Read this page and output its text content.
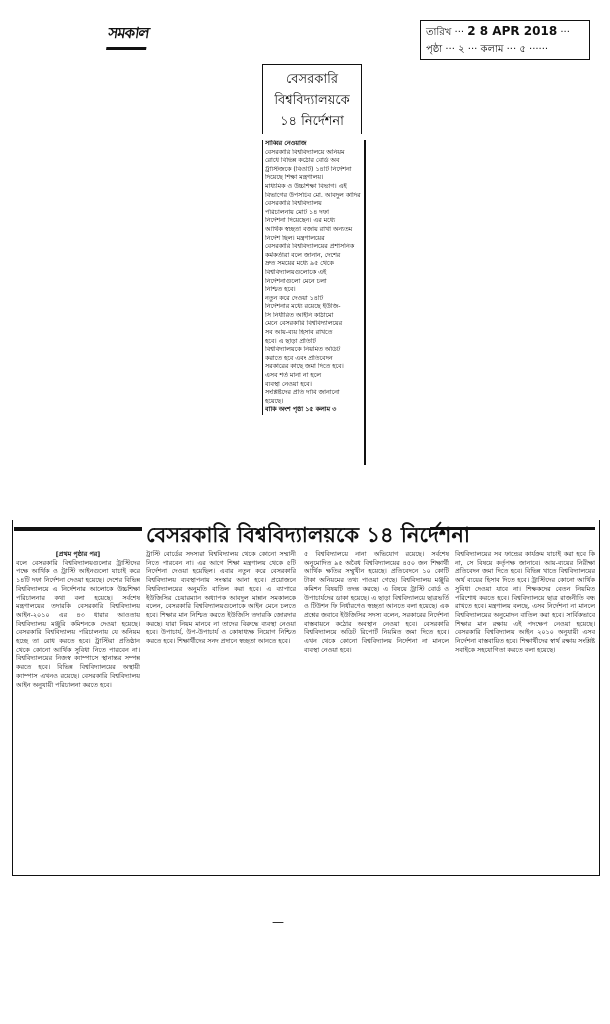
সমকাল	তারিখ ··· 2 8 APR 2018 ···
পৃষ্ঠা ··· ২ ··· কলাম ··· ৫ ······
বেসরকারি
বিশ্ববিদ্যালয়কে
১৪ নির্দেশনা
সাব্বির নেওয়াজ
বেসরকারি বিশ্ববিদ্যালয়ে অনিয়ম
রোধে বিভিন্ন কঠোর বোর্ড অব
ট্রাস্টিজকে (বিওটি) ১৪টি নির্দেশনা
দিয়েছে শিক্ষা মন্ত্রণালয়।
মাধ্যমিক ও উচ্চশিক্ষা বিভাগ। এই
বিভাগের উপসচিব মো. আবদুল কাদির
বেসরকারি বিশ্ববিদ্যালয়
পরিচালনায় মোট ১৪ দফা
নির্দেশনা দিয়েছেন। এর মধ্যে
আর্থিক স্বচ্ছতা বজায় রাখা অন্যতম
নির্দেশ ছিল। মন্ত্রণালয়ের
বেসরকারি বিশ্ববিদ্যালয়ের প্রশাসনিক
কর্মকর্তারা বলে জানান, দেশের
দ্রুত সময়ের মধ্যে ৯৫ থেকে
বিশ্ববিদ্যালয়গুলোকে এই
নির্দেশনাগুলো মেনে চলা
নিশ্চিত হবে।
নতুন করে দেওয়া ১৪টি
নির্দেশনার মধ্যে রয়েছে ইউজি-
সি নির্ধারিত আইনি কাঠামো
মেনে বেসরকারি বিশ্ববিদ্যালয়ের
সব আয়-ব্যয় হিসাব রাখতে
হবে। এ ছাড়া প্রতিটি
বিশ্ববিদ্যালয়কে নিয়মিত অডিট
করাতে হবে এবং প্রতিবেদন
সরকারের কাছে জমা দিতে হবে।
এসব শর্ত মানা না হলে
ব্যবস্থা নেওয়া হবে।
সংশ্লিষ্টদের প্রতি দাবি জানানো
হয়েছে।
বাকি অংশ পৃষ্ঠা ১৫ কলাম ৩
বেসরকারি বিশ্ববিদ্যালয়কে ১৪ নির্দেশনা
[প্রথম পৃষ্ঠার পর]
বলে বেসরকারি বিশ্ববিদ্যালয়গুলোর ট্রাস্টিদের পক্ষে আর্থিক ও ট্রাস্টি আইনগুলো যাচাই করে ১৪টি দফা নির্দেশনা দেওয়া হয়েছে। দেশের বিভিন্ন বিশ্ববিদ্যালয়ে এ নির্দেশনার আলোকে উচ্চশিক্ষা পরিচালনার কথা বলা হয়েছে। সর্বশেষ মন্ত্রণালয়ের তদারকি বেসরকারি বিশ্ববিদ্যালয় আইন-২০১০ এর ৪৩ ধারার আওতায় বিশ্ববিদ্যালয় মঞ্জুরি কমিশনকে দেওয়া হয়েছে। বেসরকারি বিশ্ববিদ্যালয় পরিচালনায় যে অনিয়ম হচ্ছে তা রোধ করতে হবে। ট্রাস্টিরা প্রতিষ্ঠান থেকে কোনো আর্থিক সুবিধা নিতে পারবেন না। বিশ্ববিদ্যালয়ের নিজস্ব ক্যাম্পাসে স্থানান্তর সম্পন্ন করতে হবে। বিভিন্ন বিশ্ববিদ্যালয়ের অস্থায়ী ক্যাম্পাস এখনও রয়েছে। বেসরকারি বিশ্ববিদ্যালয় আইন অনুযায়ী পরিচালনা করতে হবে।
ট্রাস্টি বোর্ডের সদস্যরা বিশ্ববিদ্যালয় থেকে কোনো সম্মানী নিতে পারবেন না। এর আগে শিক্ষা মন্ত্রণালয় থেকে ৫টি নির্দেশনা দেওয়া হয়েছিল। এবার নতুন করে বেসরকারি বিশ্ববিদ্যালয় ব্যবস্থাপনায় সংস্কার আনা হবে। প্রয়োজনে বিশ্ববিদ্যালয়ের অনুমতি বাতিল করা হবে। এ ব্যাপারে ইউজিসির চেয়ারম্যান অধ্যাপক আবদুল মান্নান সমকালকে বলেন, বেসরকারি বিশ্ববিদ্যালয়গুলোকে আইন মেনে চলতে হবে। শিক্ষার মান নিশ্চিত করতে ইউজিসি তদারকি জোরদার করছে। যারা নিয়ম মানবে না তাদের বিরুদ্ধে ব্যবস্থা নেওয়া হবে। উপাচার্য, উপ-উপাচার্য ও কোষাধ্যক্ষ নিয়োগ নিশ্চিত করতে হবে। শিক্ষার্থীদের সনদ প্রদানে স্বচ্ছতা আনতে হবে।
৫ বিশ্ববিদ্যালয়ে নানা অভিযোগ রয়েছে। সর্বশেষ অনুমোদিত ৯৫ অবৈধ বিশ্ববিদ্যালয়ের ৪৫০ জন শিক্ষার্থী আর্থিক ক্ষতির সম্মুখীন হয়েছে। প্রতিবেদনে ১০ কোটি টাকা অনিয়মের তথ্য পাওয়া গেছে। বিশ্ববিদ্যালয় মঞ্জুরি কমিশন বিষয়টি তদন্ত করছে। এ বিষয়ে ট্রাস্টি বোর্ড ও উপাচার্যদের ডাকা হয়েছে। এ ছাড়া বিশ্ববিদ্যালয়ে ছাত্রভর্তি ও টিউশন ফি নির্ধারণেও স্বচ্ছতা আনতে বলা হয়েছে। এক প্রশ্নের জবাবে ইউজিসির সদস্য বলেন, সরকারের নির্দেশনা বাস্তবায়নে কঠোর অবস্থান নেওয়া হবে। বেসরকারি বিশ্ববিদ্যালয়ে অডিট রিপোর্ট নিয়মিত জমা দিতে হবে। এখন থেকে কোনো বিশ্ববিদ্যালয় নির্দেশনা না মানলে ব্যবস্থা নেওয়া হবে।
বিশ্ববিদ্যালয়ের সব ফান্ডের কার্যক্রম যাচাই করা হবে কি না, সে বিষয়ে কর্তৃপক্ষ জানাবে। আয়-ব্যয়ের নিরীক্ষা প্রতিবেদন জমা দিতে হবে। বিভিন্ন খাতে বিশ্ববিদ্যালয়ের অর্থ ব্যয়ের হিসাব দিতে হবে। ট্রাস্টিদের কোনো আর্থিক সুবিধা দেওয়া যাবে না। শিক্ষকদের বেতন নিয়মিত পরিশোধ করতে হবে। বিশ্ববিদ্যালয়ে ছাত্র রাজনীতি বন্ধ রাখতে হবে। মন্ত্রণালয় বলছে, এসব নির্দেশনা না মানলে বিশ্ববিদ্যালয়ের অনুমোদন বাতিল করা হবে। সার্বিকভাবে শিক্ষার মান রক্ষায় এই পদক্ষেপ নেওয়া হয়েছে। বেসরকারি বিশ্ববিদ্যালয় আইন ২০১০ অনুযায়ী এসব নির্দেশনা বাস্তবায়িত হবে। শিক্ষার্থীদের স্বার্থ রক্ষায় সংশ্লিষ্ট সবাইকে সহযোগিতা করতে বলা হয়েছে।
—
